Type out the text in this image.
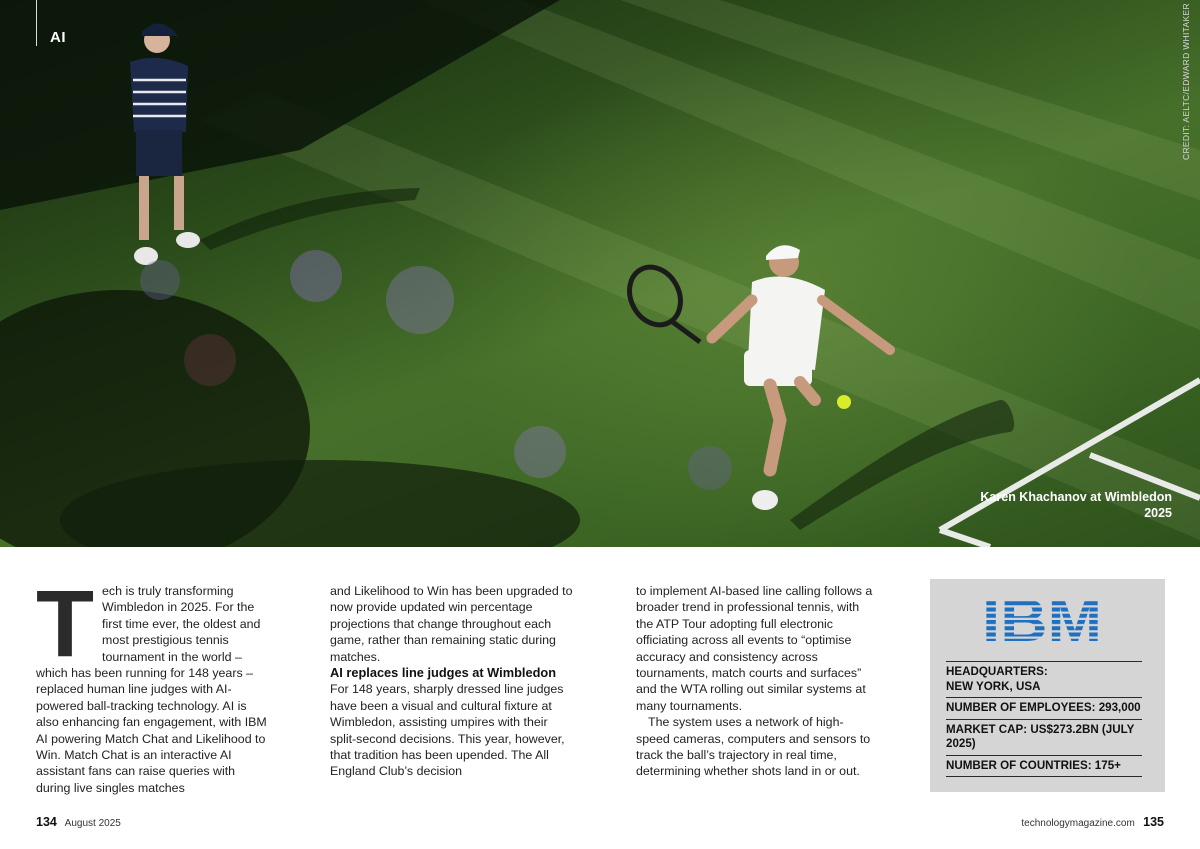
AI	CREDIT: AELTC/EDWARD WHITAKER
Karen Khachanov at Wimbledon 2025
T ech is truly transforming Wimbledon in 2025. For the first time ever, the oldest and most prestigious tennis tournament in the world – which has been running for 148 years – replaced human line judges with AI-powered ball-tracking technology. AI is also enhancing fan engagement, with IBM AI powering Match Chat and Likelihood to Win. Match Chat is an interactive AI assistant fans can raise queries with during live singles matches

and Likelihood to Win has been upgraded to now provide updated win percentage projections that change throughout each game, rather than remaining static during matches.

AI replaces line judges at Wimbledon

For 148 years, sharply dressed line judges have been a visual and cultural fixture at Wimbledon, assisting umpires with their split-second decisions. This year, however, that tradition has been upended. The All England Club’s decision

to implement AI-based line calling follows a broader trend in professional tennis, with the ATP Tour adopting full electronic officiating across all events to “optimise accuracy and consistency across tournaments, match courts and surfaces” and the WTA rolling out similar systems at many tournaments.

The system uses a network of high-speed cameras, computers and sensors to track the ball’s trajectory in real time, determining whether shots land in or out.

IBM
HEADQUARTERS: NEW YORK, USA
NUMBER OF EMPLOYEES: 293,000
MARKET CAP: US$273.2BN (JULY 2025)
NUMBER OF COUNTRIES: 175+
134 August 2025	technologymagazine.com 135
